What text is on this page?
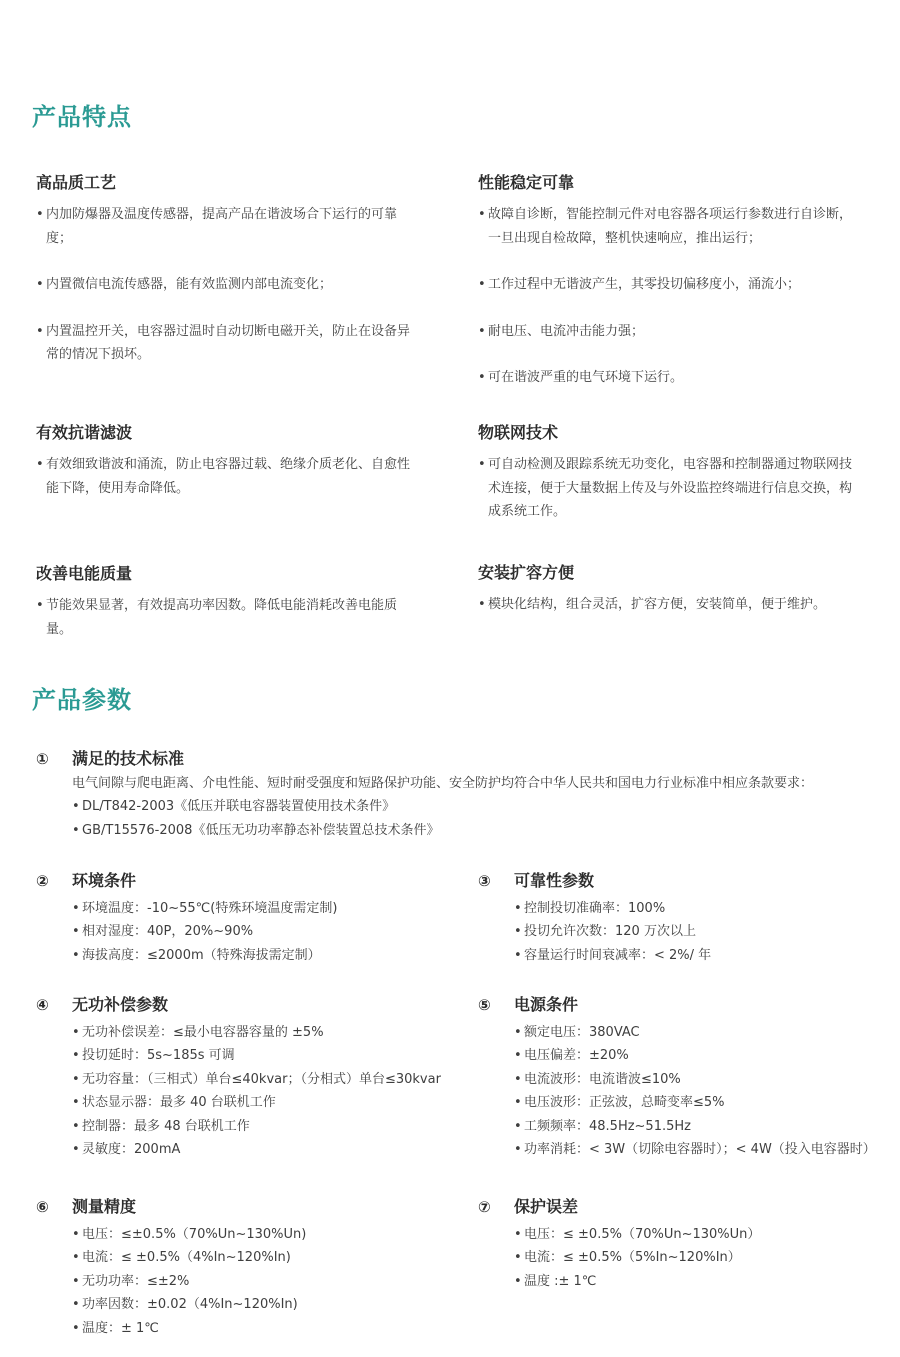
产品特点
高品质工艺
• 内加防爆器及温度传感器，提高产品在谐波场合下运行的可靠度；
• 内置微信电流传感器，能有效监测内部电流变化；
• 内置温控开关，电容器过温时自动切断电磁开关，防止在设备异常的情况下损坏。
有效抗谐滤波
• 有效细致谐波和涌流，防止电容器过载、绝缘介质老化、自愈性能下降，使用寿命降低。
改善电能质量
• 节能效果显著，有效提高功率因数。降低电能消耗改善电能质量。
性能稳定可靠
• 故障自诊断，智能控制元件对电容器各项运行参数进行自诊断，一旦出现自检故障，整机快速响应，推出运行；
• 工作过程中无谐波产生，其零投切偏移度小，涌流小；
• 耐电压、电流冲击能力强；
• 可在谐波严重的电气环境下运行。
物联网技术
• 可自动检测及跟踪系统无功变化，电容器和控制器通过物联网技术连接，便于大量数据上传及与外设监控终端进行信息交换，构成系统工作。
安装扩容方便
• 模块化结构，组合灵活，扩容方便，安装简单，便于维护。
产品参数
①	满足的技术标准
电气间隙与爬电距离、介电性能、短时耐受强度和短路保护功能、安全防护均符合中华人民共和国电力行业标准中相应条款要求：
• DL/T842-2003《低压并联电容器装置使用技术条件》
• GB/T15576-2008《低压无功功率静态补偿装置总技术条件》
②	环境条件
• 环境温度：-10~55℃(特殊环境温度需定制)
• 相对湿度：40P，20%~90%
• 海拔高度：≤2000m（特殊海拔需定制）
③	可靠性参数
• 控制投切准确率：100%
• 投切允许次数：120 万次以上
• 容量运行时间衰减率：< 2%/ 年
④	无功补偿参数
• 无功补偿误差：≤最小电容器容量的 ±5%
• 投切延时：5s~185s 可调
• 无功容量：（三相式）单台≤40kvar；（分相式）单台≤30kvar
• 状态显示器：最多 40 台联机工作
• 控制器：最多 48 台联机工作
• 灵敏度：200mA
⑤	电源条件
• 额定电压：380VAC
• 电压偏差：±20%
• 电流波形：电流谐波≤10%
• 电压波形：正弦波，总畸变率≤5%
• 工频频率：48.5Hz~51.5Hz
• 功率消耗：< 3W（切除电容器时）；< 4W（投入电容器时）
⑥	测量精度
• 电压：≤±0.5%（70%Un~130%Un)
• 电流：≤ ±0.5%（4%In~120%In)
• 无功功率：≤±2%
• 功率因数：±0.02（4%In~120%In)
• 温度：± 1℃
⑦	保护误差
• 电压：≤ ±0.5%（70%Un~130%Un）
• 电流：≤ ±0.5%（5%In~120%In）
• 温度 :± 1℃
